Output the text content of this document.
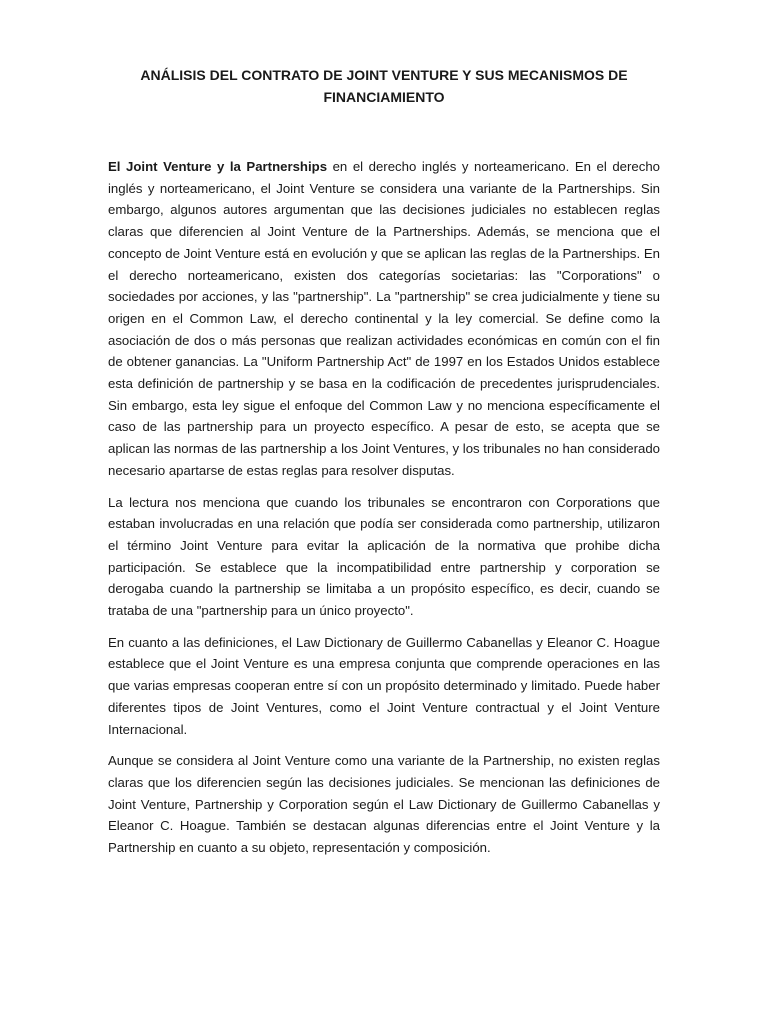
ANÁLISIS DEL CONTRATO DE JOINT VENTURE Y SUS MECANISMOS DE
FINANCIAMIENTO

El Joint Venture y la Partnerships en el derecho inglés y norteamericano. En el derecho inglés y norteamericano, el Joint Venture se considera una variante de la Partnerships. Sin embargo, algunos autores argumentan que las decisiones judiciales no establecen reglas claras que diferencien al Joint Venture de la Partnerships. Además, se menciona que el concepto de Joint Venture está en evolución y que se aplican las reglas de la Partnerships. En el derecho norteamericano, existen dos categorías societarias: las "Corporations" o sociedades por acciones, y las "partnership". La "partnership" se crea judicialmente y tiene su origen en el Common Law, el derecho continental y la ley comercial. Se define como la asociación de dos o más personas que realizan actividades económicas en común con el fin de obtener ganancias. La "Uniform Partnership Act" de 1997 en los Estados Unidos establece esta definición de partnership y se basa en la codificación de precedentes jurisprudenciales. Sin embargo, esta ley sigue el enfoque del Common Law y no menciona específicamente el caso de las partnership para un proyecto específico. A pesar de esto, se acepta que se aplican las normas de las partnership a los Joint Ventures, y los tribunales no han considerado necesario apartarse de estas reglas para resolver disputas.

La lectura nos menciona que cuando los tribunales se encontraron con Corporations que estaban involucradas en una relación que podía ser considerada como partnership, utilizaron el término Joint Venture para evitar la aplicación de la normativa que prohibe dicha participación. Se establece que la incompatibilidad entre partnership y corporation se derogaba cuando la partnership se limitaba a un propósito específico, es decir, cuando se trataba de una "partnership para un único proyecto".

En cuanto a las definiciones, el Law Dictionary de Guillermo Cabanellas y Eleanor C. Hoague establece que el Joint Venture es una empresa conjunta que comprende operaciones en las que varias empresas cooperan entre sí con un propósito determinado y limitado. Puede haber diferentes tipos de Joint Ventures, como el Joint Venture contractual y el Joint Venture Internacional.

Aunque se considera al Joint Venture como una variante de la Partnership, no existen reglas claras que los diferencien según las decisiones judiciales. Se mencionan las definiciones de Joint Venture, Partnership y Corporation según el Law Dictionary de Guillermo Cabanellas y Eleanor C. Hoague. También se destacan algunas diferencias entre el Joint Venture y la Partnership en cuanto a su objeto, representación y composición.
